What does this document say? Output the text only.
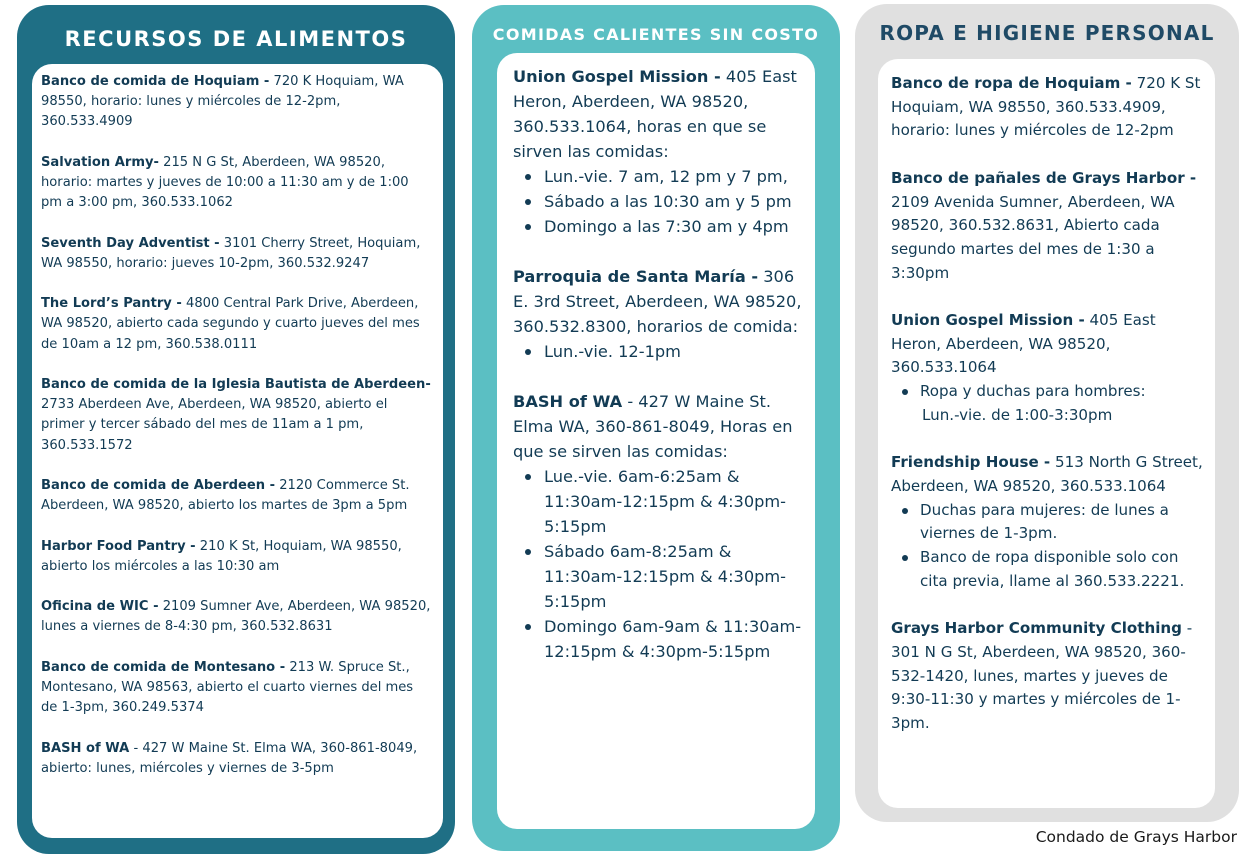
RECURSOS DE ALIMENTOS

Banco de comida de Hoquiam - 720 K Hoquiam, WA 98550, horario: lunes y miércoles de 12-2pm, 360.533.4909

Salvation Army- 215 N G St, Aberdeen, WA 98520, horario: martes y jueves de 10:00 a 11:30 am y de 1:00 pm a 3:00 pm, 360.533.1062

Seventh Day Adventist - 3101 Cherry Street, Hoquiam, WA 98550, horario: jueves 10-2pm, 360.532.9247

The Lord’s Pantry - 4800 Central Park Drive, Aberdeen, WA 98520, abierto cada segundo y cuarto jueves del mes de 10am a 12 pm, 360.538.0111

Banco de comida de la Iglesia Bautista de Aberdeen- 2733 Aberdeen Ave, Aberdeen, WA 98520, abierto el primer y tercer sábado del mes de 11am a 1 pm, 360.533.1572

Banco de comida de Aberdeen - 2120 Commerce St. Aberdeen, WA 98520, abierto los martes de 3pm a 5pm

Harbor Food Pantry - 210 K St, Hoquiam, WA 98550, abierto los miércoles a las 10:30 am

Oficina de WIC - 2109 Sumner Ave, Aberdeen, WA 98520, lunes a viernes de 8-4:30 pm, 360.532.8631

Banco de comida de Montesano - 213 W. Spruce St., Montesano, WA 98563, abierto el cuarto viernes del mes de 1-3pm, 360.249.5374

BASH of WA - 427 W Maine St. Elma WA, 360-861-8049, abierto: lunes, miércoles y viernes de 3-5pm

COMIDAS CALIENTES SIN COSTO
Union Gospel Mission - 405 East Heron, Aberdeen, WA 98520, 360.533.1064, horas en que se sirven las comidas:
Lun.-vie. 7 am, 12 pm y 7 pm,
Sábado a las 10:30 am y 5 pm
Domingo a las 7:30 am y 4pm
Parroquia de Santa María - 306 E. 3rd Street, Aberdeen, WA 98520, 360.532.8300, horarios de comida:
Lun.-vie. 12-1pm
BASH of WA - 427 W Maine St. Elma WA, 360-861-8049, Horas en que se sirven las comidas:
Lue.-vie. 6am-6:25am & 11:30am-12:15pm & 4:30pm-5:15pm
Sábado 6am-8:25am & 11:30am-12:15pm & 4:30pm-5:15pm
Domingo 6am-9am & 11:30am-12:15pm & 4:30pm-5:15pm
ROPA E HIGIENE PERSONAL
Banco de ropa de Hoquiam - 720 K St Hoquiam, WA 98550, 360.533.4909, horario: lunes y miércoles de 12-2pm
Banco de pañales de Grays Harbor - 2109 Avenida Sumner, Aberdeen, WA 98520, 360.532.8631, Abierto cada segundo martes del mes de 1:30 a 3:30pm
Union Gospel Mission - 405 East Heron, Aberdeen, WA 98520, 360.533.1064
Ropa y duchas para hombres:
Lun.-vie. de 1:00-3:30pm
Friendship House - 513 North G Street, Aberdeen, WA 98520, 360.533.1064
Duchas para mujeres: de lunes a viernes de 1-3pm.
Banco de ropa disponible solo con cita previa, llame al 360.533.2221.
Grays Harbor Community Clothing - 301 N G St, Aberdeen, WA 98520, 360-532-1420, lunes, martes y jueves de 9:30-11:30 y martes y miércoles de 1-3pm.
Condado de Grays Harbor
